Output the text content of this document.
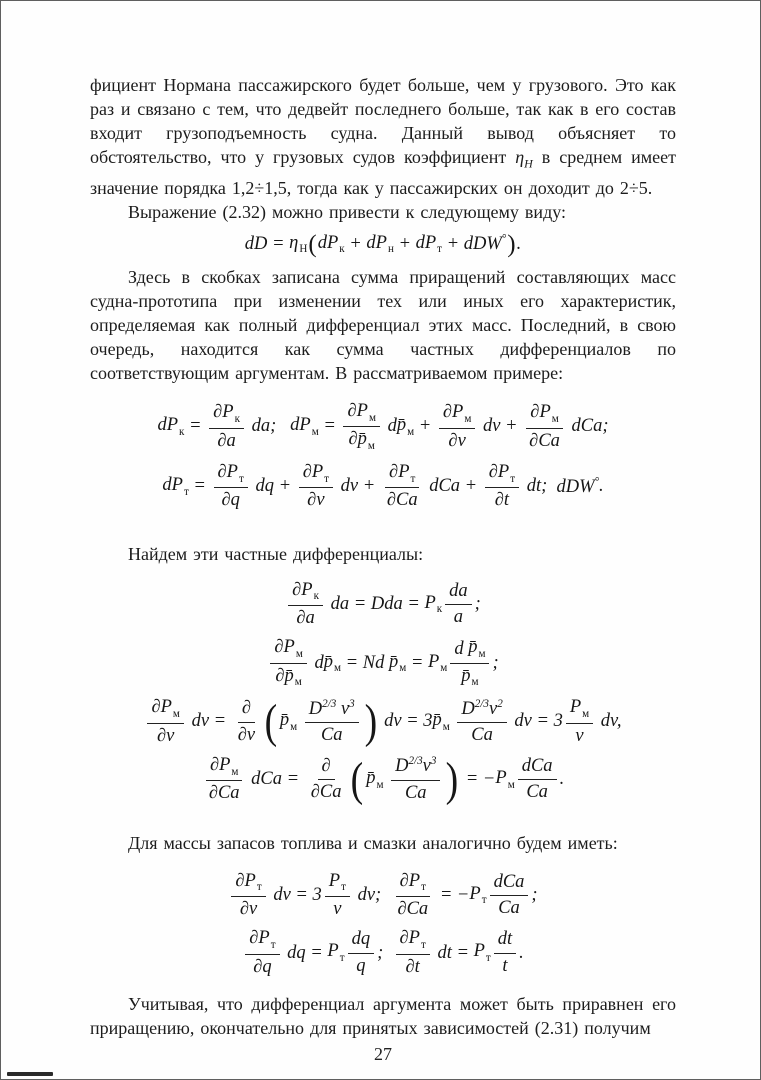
фициент Нормана пассажирского будет больше, чем у грузового. Это как раз и связано с тем, что дедвейт последнего больше, так как в его состав входит грузоподъемность судна. Данный вывод объясняет то обстоятельство, что у грузовых судов коэффициент $\eta_H$ в среднем имеет значение порядка 1,2÷1,5, тогда как у пассажирских он доходит до 2÷5.

Выражение (2.32) можно привести к следующему виду:

dD = $\eta_H$ ( $dP_к + dP_н + dP_т + dDW^\circ$ ) .

Здесь в скобках записана сумма приращений составляющих масс судна-прототипа при изменении тех или иных его характеристик, определяемая как полный дифференциал этих масс. Последний, в свою очередь, находится как сумма частных дифференциалов по соответствующим аргументам. В рассматриваемом примере:

$dP_к = \frac{\partial P_к}{\partial a}$ da; $dP_м = \frac{\partial P_м}{\partial p̄_м}$ d $p̄_м + \frac{\partial P_м}{\partial v}$ dv + $\frac{\partial P_м}{\partial Ca}$ dCa;
$dP_т = \frac{\partial P_т}{\partial q}$ dq + $\frac{\partial P_т}{\partial v}$ dv + $\frac{\partial P_т}{\partial Ca}$ dCa + $\frac{\partial P_т}{\partial t}$ dt; dDW° .

Найдем эти частные дифференциалы:

$\frac{\partial P_к}{\partial a}$ da = Dda = $P_к \frac{da}{a}$ ;
$\frac{\partial P_м}{\partial p̄_м}$ d $p̄_м = Nd$ $p̄_м = P_м \frac{d p̄_м}{p̄_м}$ ;
$\frac{\partial P_м}{\partial v}$ dv = $\frac{\partial}{\partial v}$ ( $p̄_м$
$\frac{D^{2/3} v^3}{Ca}$ ) dv = 3 $p̄_м$
$\frac{D^{2/3} v^2}{Ca}$ dv = $3 \frac{P_м}{v}$ dv,
$\frac{\partial P_м}{\partial Ca}$ dCa = $\frac{\partial}{\partial Ca}$ ( $p̄_м$
$\frac{D^{2/3} v^3}{Ca}$ ) = − $P_м \frac{\text{dCa}}{Ca}$ .

Для массы запасов топлива и смазки аналогично будем иметь:

$\frac{\partial P_т}{\partial v}$ dv = $3 \frac{P_т}{v}$ dv; $\frac{\partial P_т}{\partial Ca}$ = − $P_т \frac{\text{dCa}}{Ca}$ ;
$\frac{\partial P_т}{\partial q}$ dq = $P_т \frac{dq}{q}$ ; $\frac{\partial P_т}{\partial t}$ dt = $P_т \frac{dt}{t}$ .

Учитывая, что дифференциал аргумента может быть приравнен его приращению, окончательно для принятых зависимостей (2.31) получим

27
